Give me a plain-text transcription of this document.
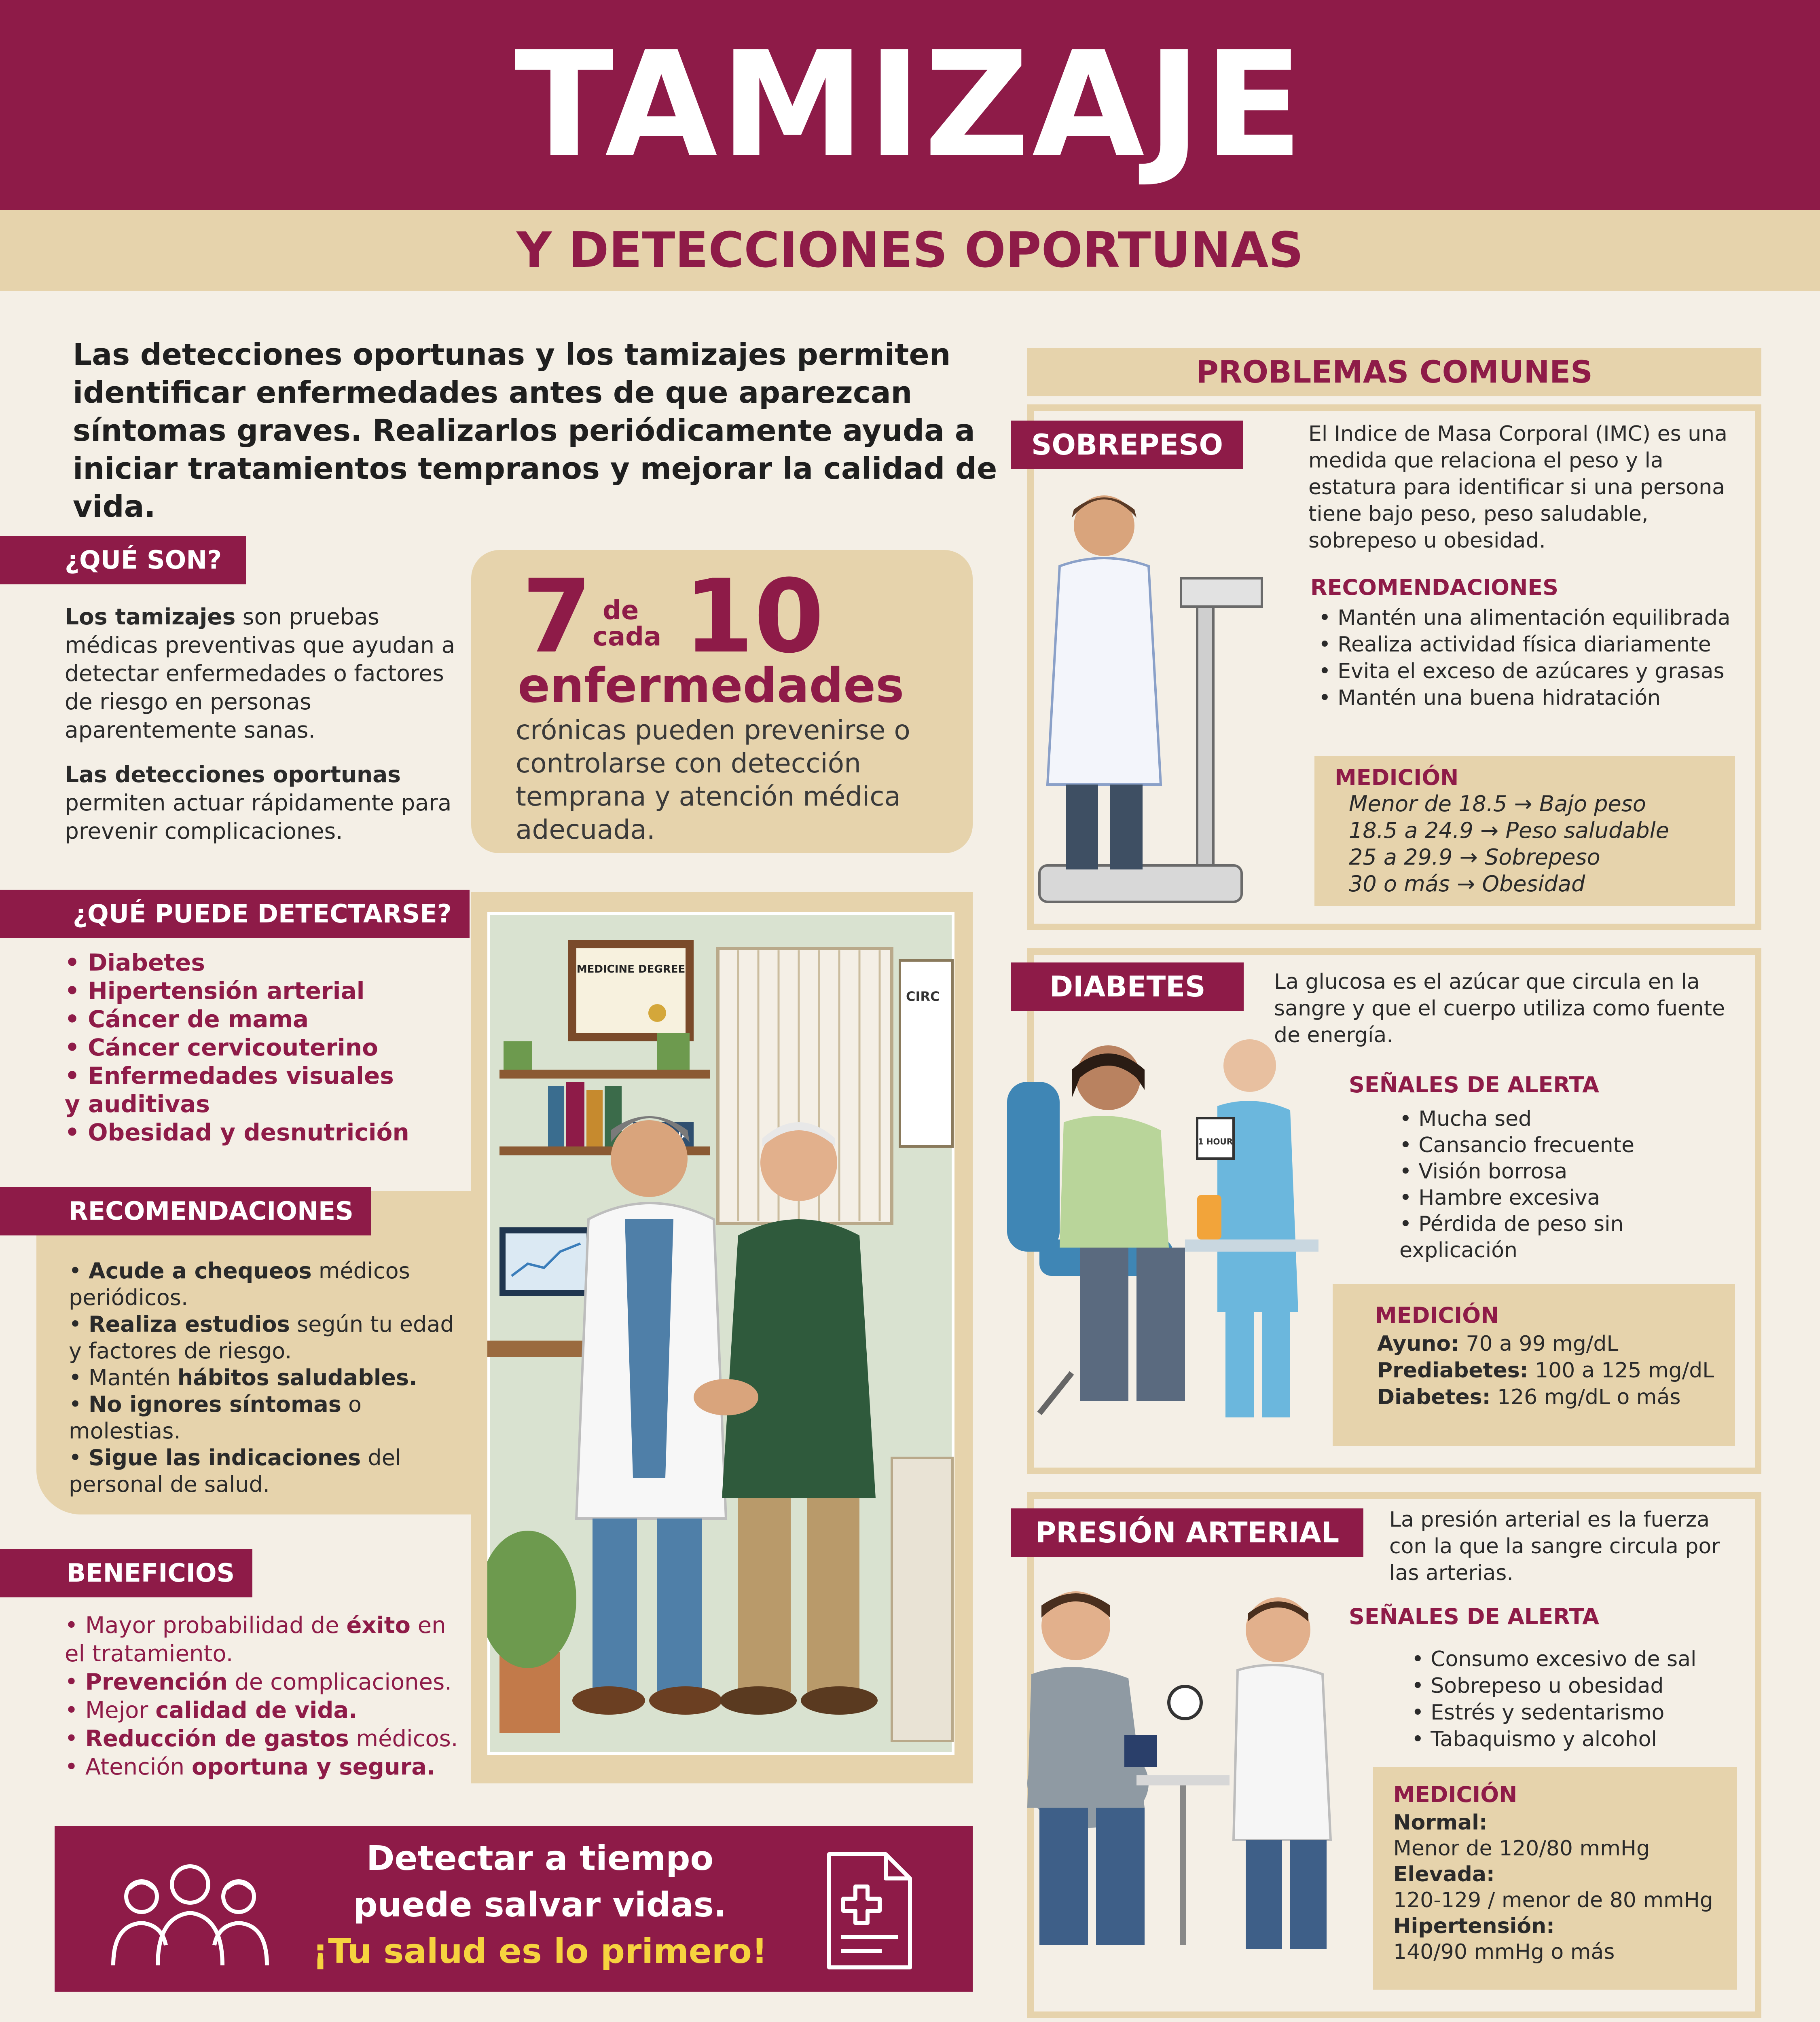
TAMIZAJE
Y DETECCIONES OPORTUNAS
Las detecciones oportunas y los tamizajes permiten identificar enfermedades antes de que aparezcan síntomas graves. Realizarlos periódicamente ayuda a iniciar tratamientos tempranos y mejorar la calidad de vida.
¿QUÉ SON?
Los tamizajes son pruebas médicas preventivas que ayudan a detectar enfermedades o factores de riesgo en personas aparentemente sanas.
Las detecciones oportunas permiten actuar rápidamente para prevenir complicaciones.
7 de
cada 10
enfermedades
crónicas pueden prevenirse o controlarse con detección temprana y atención médica adecuada.
¿QUÉ PUEDE DETECTARSE?
• Diabetes
• Hipertensión arterial
• Cáncer de mama
• Cáncer cervicouterino
• Enfermedades visuales
y auditivas
• Obesidad y desnutrición
RECOMENDACIONES
• Acude a chequeos médicos periódicos.
• Realiza estudios según tu edad y factores de riesgo.
• Mantén hábitos saludables.
• No ignores síntomas o molestias.
• Sigue las indicaciones del personal de salud.
BENEFICIOS
• Mayor probabilidad de éxito en el tratamiento.
• Prevención de complicaciones.
• Mejor calidad de vida.
• Reducción de gastos médicos.
• Atención oportuna y segura.
CIRC
MEDICINE DEGREE
Detectar a tiempo
puede salvar vidas.
¡Tu salud es lo primero!
PROBLEMAS COMUNES
SOBREPESO	El Indice de Masa Corporal (IMC) es una medida que relaciona el peso y la estatura para identificar si una persona tiene bajo peso, peso saludable, sobrepeso u obesidad.
RECOMENDACIONES
• Mantén una alimentación equilibrada
• Realiza actividad física diariamente
• Evita el exceso de azúcares y grasas
• Mantén una buena hidratación
MEDICIÓN
Menor de 18.5 → Bajo peso
18.5 a 24.9 → Peso saludable
25 a 29.9 → Sobrepeso
30 o más → Obesidad
DIABETES	La glucosa es el azúcar que circula en la sangre y que el cuerpo utiliza como fuente de energía.
SEÑALES DE ALERTA
• Mucha sed
• Cansancio frecuente
• Visión borrosa
• Hambre excesiva
• Pérdida de peso sin explicación
MEDICIÓN
Ayuno: 70 a 99 mg/dL
Prediabetes: 100 a 125 mg/dL
Diabetes: 126 mg/dL o más
1 HOUR
PRESIÓN ARTERIAL	La presión arterial es la fuerza con la que la sangre circula por las arterias.
SEÑALES DE ALERTA
• Consumo excesivo de sal
• Sobrepeso u obesidad
• Estrés y sedentarismo
• Tabaquismo y alcohol
MEDICIÓN
Normal:
Menor de 120/80 mmHg
Elevada:
120-129 / menor de 80 mmHg
Hipertensión:
140/90 mmHg o más
